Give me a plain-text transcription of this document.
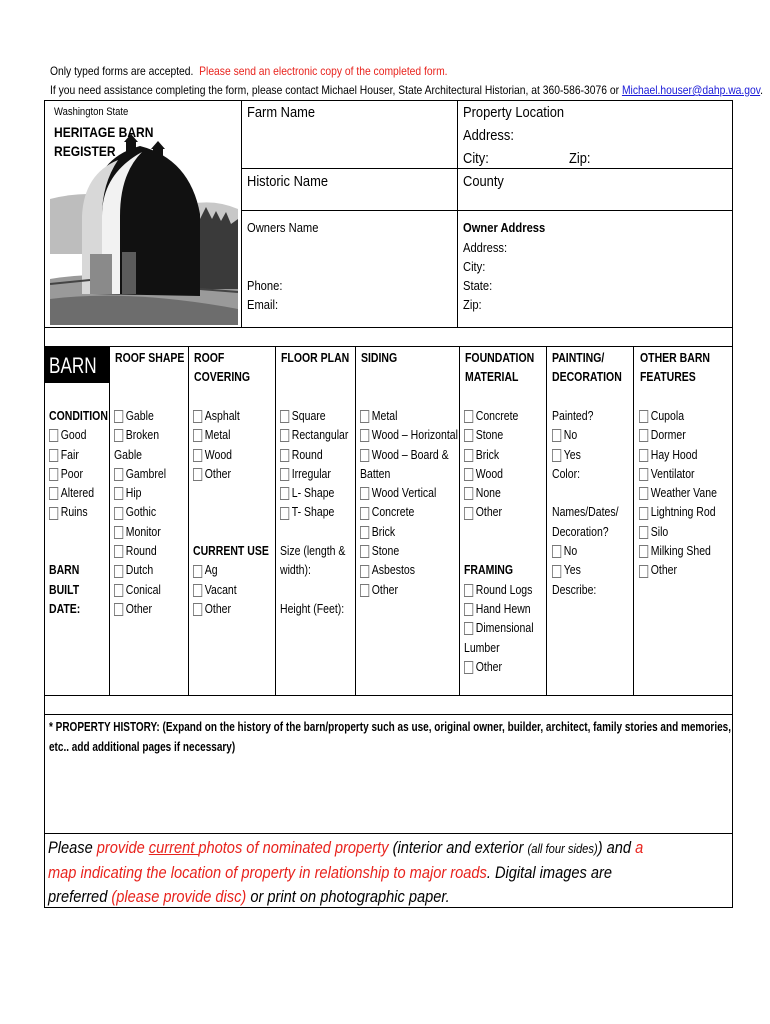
Only typed forms are accepted. Please send an electronic copy of the completed form.
If you need assistance completing the form, please contact Michael Houser, State Architectural Historian, at 360-586-3076 or Michael.houser@dahp.wa.gov.
Washington State
HERITAGE BARN
REGISTER
Farm Name
Historic Name
Owners Name
Phone:
Email:
Property Location
Address:
City:	Zip:
County
Owner Address
Address:
City:
State:
Zip:
BARN ROOF SHAPE ROOF
COVERING
FLOOR PLAN SIDING	FOUNDATION
MATERIAL
PAINTING/
DECORATION
OTHER BARN
FEATURES
CONDITION
Good
Fair
Poor
Altered
Ruins
BARN
BUILT
DATE:
Gable
Broken
Gable
Gambrel
Hip
Gothic
Monitor
Round
Dutch
Conical
Other
Asphalt
Metal
Wood
Other
CURRENT USE
Ag
Vacant
Other
Square
Rectangular
Round
Irregular
L- Shape
T- Shape
Size (length &
width):
Height (Feet):
Metal
Wood – Horizontal
Wood – Board &
Batten
Wood Vertical
Concrete
Brick
Stone
Asbestos
Other
Concrete
Stone
Brick
Wood
None
Other
FRAMING
Round Logs
Hand Hewn
Dimensional
Lumber
Other
Painted?
No
Yes
Color:
Names/Dates/
Decoration?
No
Yes
Describe:
Cupola
Dormer
Hay Hood
Ventilator
Weather Vane
Lightning Rod
Silo
Milking Shed
Other
* PROPERTY HISTORY: (Expand on the history of the barn/property such as use, original owner, builder, architect, family stories and memories,
etc.. add additional pages if necessary)
Please provide current photos of nominated property (interior and exterior (all four sides)) and a map indicating the location of property in relationship to major roads. Digital images are preferred (please provide disc) or print on photographic paper.
